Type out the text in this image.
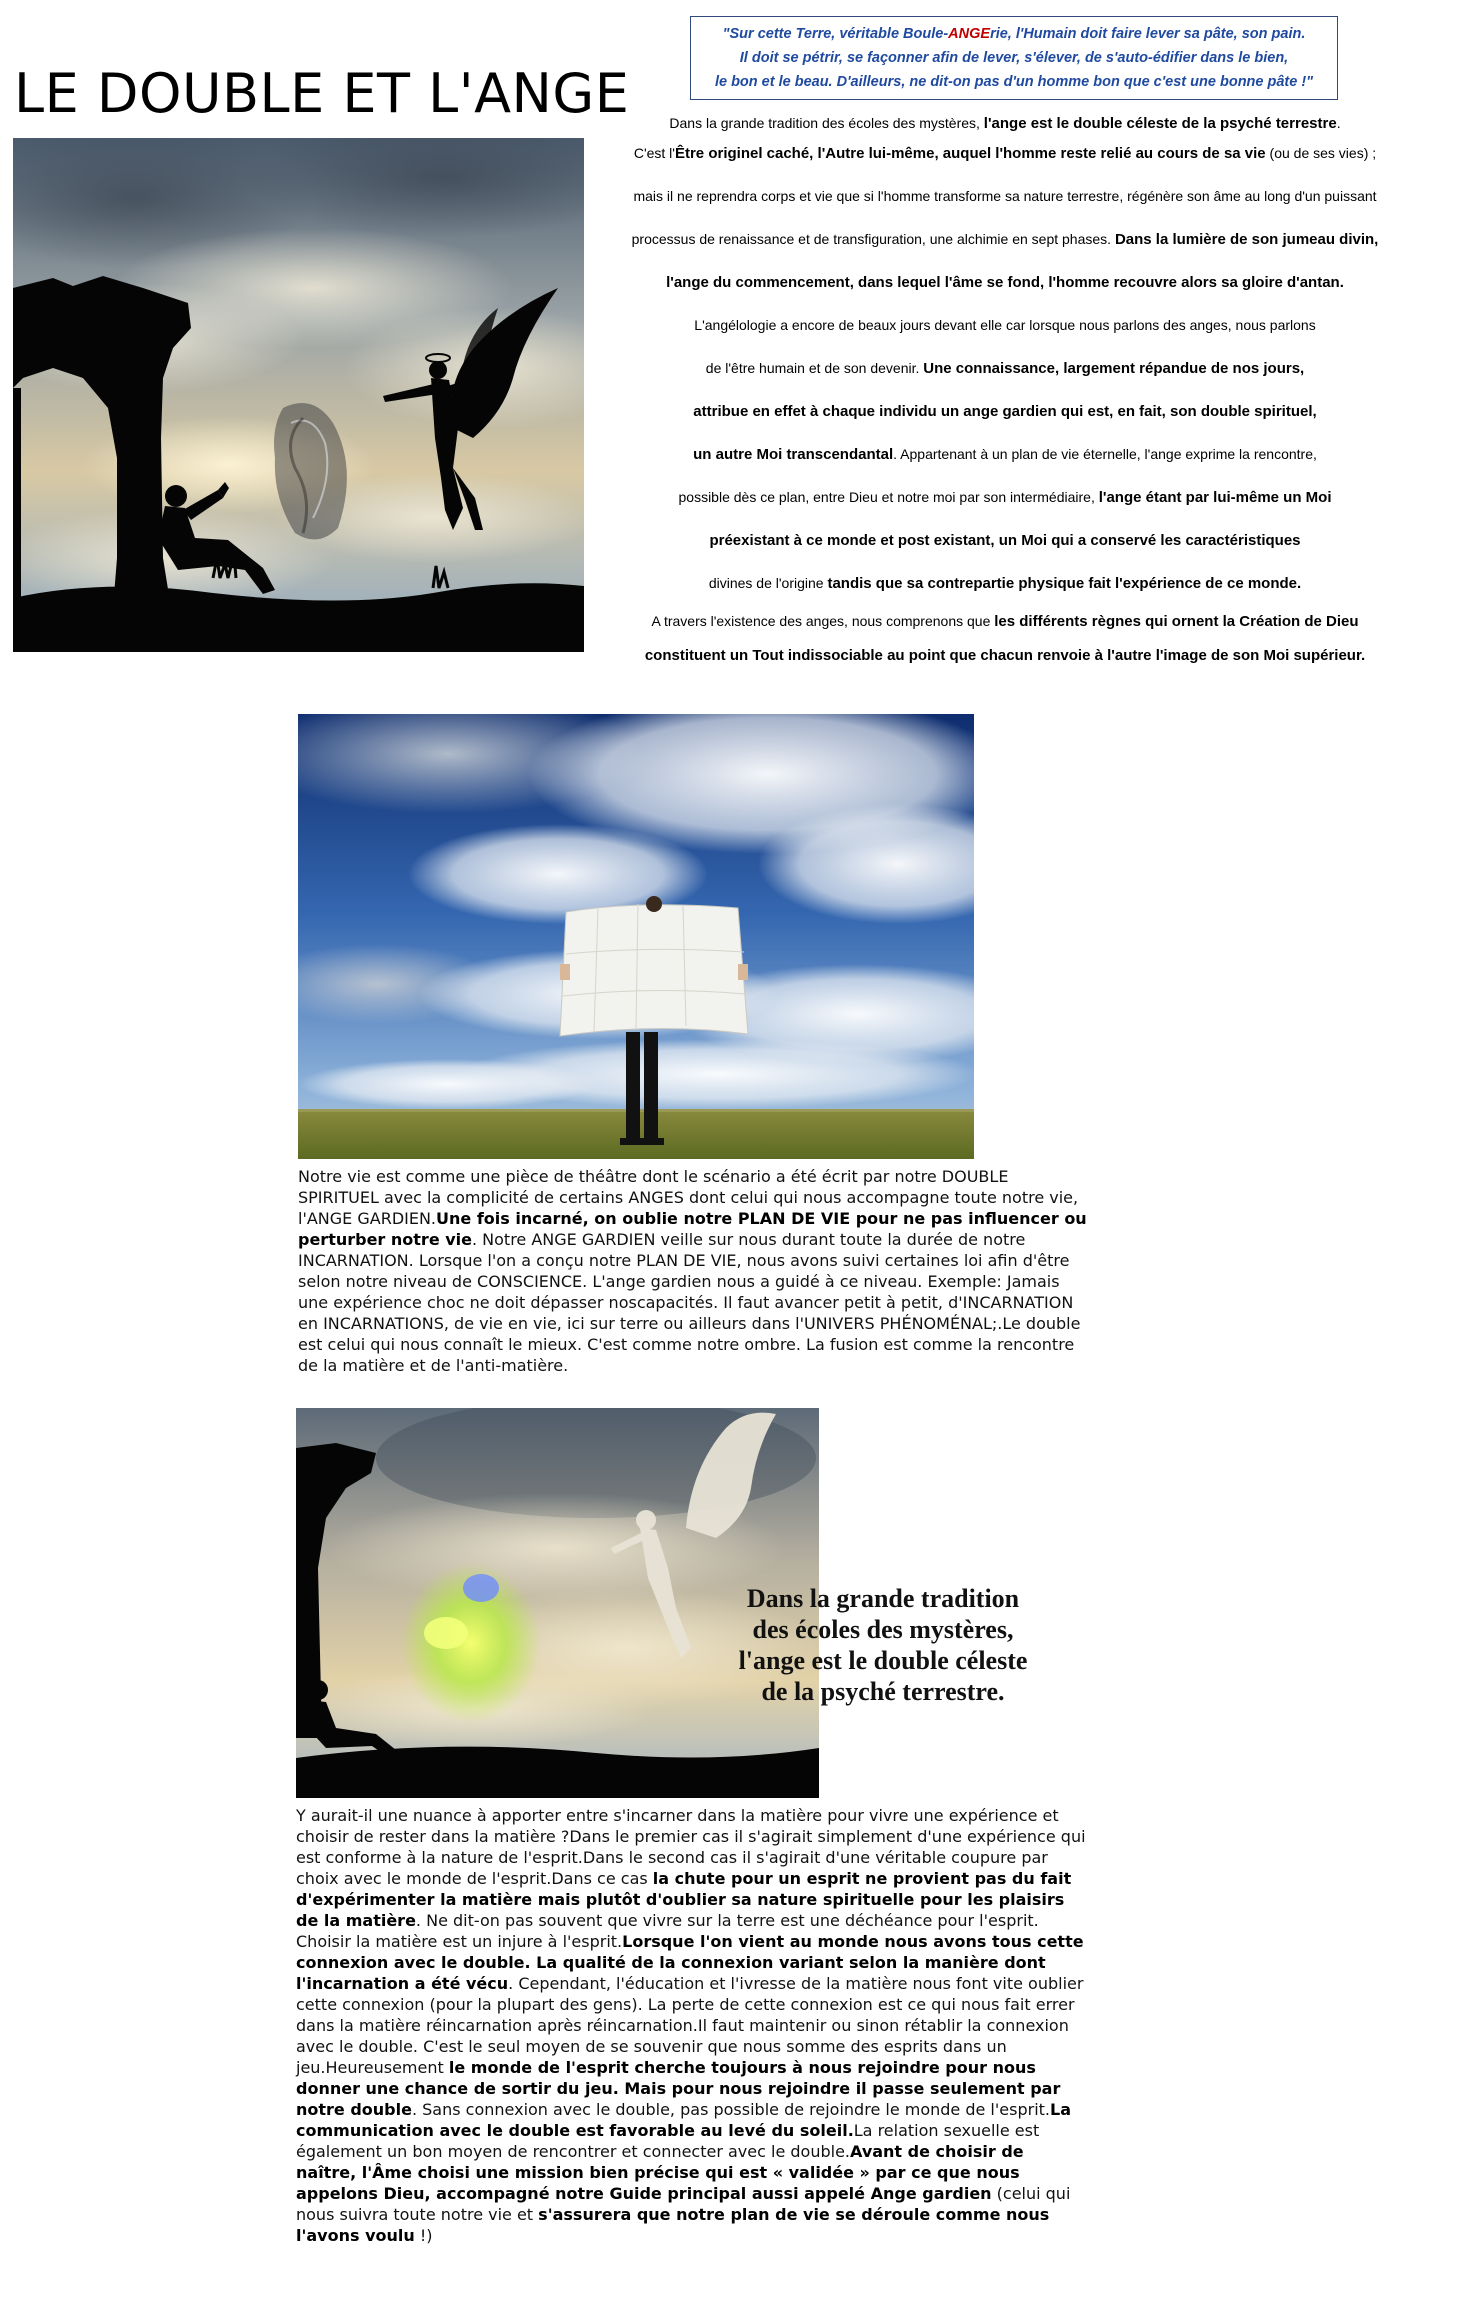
LE DOUBLE ET L'ANGE
"Sur cette Terre, véritable Boule-ANGErie, l'Humain doit faire lever sa pâte, son pain.
Il doit se pétrir, se façonner afin de lever, s'élever, de s'auto-édifier dans le bien,
le bon et le beau. D'ailleurs, ne dit-on pas d'un homme bon que c'est une bonne pâte !"

Dans la grande tradition des écoles des mystères, l'ange est le double céleste de la psyché terrestre.

C'est l'Être originel caché, l'Autre lui-même, auquel l'homme reste relié au cours de sa vie (ou de ses vies) ;

mais il ne reprendra corps et vie que si l'homme transforme sa nature terrestre, régénère son âme au long d'un puissant

processus de renaissance et de transfiguration, une alchimie en sept phases. Dans la lumière de son jumeau divin,

l'ange du commencement, dans lequel l'âme se fond, l'homme recouvre alors sa gloire d'antan.

L'angélologie a encore de beaux jours devant elle car lorsque nous parlons des anges, nous parlons

de l'être humain et de son devenir. Une connaissance, largement répandue de nos jours,

attribue en effet à chaque individu un ange gardien qui est, en fait, son double spirituel,

un autre Moi transcendantal. Appartenant à un plan de vie éternelle, l'ange exprime la rencontre,

possible dès ce plan, entre Dieu et notre moi par son intermédiaire, l'ange étant par lui-même un Moi

préexistant à ce monde et post existant, un Moi qui a conservé les caractéristiques

divines de l'origine tandis que sa contrepartie physique fait l'expérience de ce monde.

A travers l'existence des anges, nous comprenons que les différents règnes qui ornent la Création de Dieu

constituent un Tout indissociable au point que chacun renvoie à l'autre l'image de son Moi supérieur.

Notre vie est comme une pièce de théâtre dont le scénario a été écrit par notre DOUBLE SPIRITUEL avec la complicité de certains ANGES dont celui qui nous accompagne toute notre vie, l'ANGE GARDIEN.Une fois incarné, on oublie notre PLAN DE VIE pour ne pas influencer ou perturber notre vie. Notre ANGE GARDIEN veille sur nous durant toute la durée de notre INCARNATION. Lorsque l'on a conçu notre PLAN DE VIE, nous avons suivi certaines loi afin d'être selon notre niveau de CONSCIENCE. L'ange gardien nous a guidé à ce niveau. Exemple: Jamais une expérience choc ne doit dépasser noscapacités. Il faut avancer petit à petit, d'INCARNATION en INCARNATIONS, de vie en vie, ici sur terre ou ailleurs dans l'UNIVERS PHÉNOMÉNAL;.Le double est celui qui nous connaît le mieux. C'est comme notre ombre. La fusion est comme la rencontre de la matière et de l'anti-matière.
Dans la grande tradition
des écoles des mystères,
l'ange est le double céleste
de la psyché terrestre.
Y aurait-il une nuance à apporter entre s'incarner dans la matière pour vivre une expérience et choisir de rester dans la matière ?Dans le premier cas il s'agirait simplement d'une expérience qui est conforme à la nature de l'esprit.Dans le second cas il s'agirait d'une véritable coupure par choix avec le monde de l'esprit.Dans ce cas la chute pour un esprit ne provient pas du fait d'expérimenter la matière mais plutôt d'oublier sa nature spirituelle pour les plaisirs de la matière. Ne dit-on pas souvent que vivre sur la terre est une déchéance pour l'esprit. Choisir la matière est un injure à l'esprit.Lorsque l'on vient au monde nous avons tous cette connexion avec le double. La qualité de la connexion variant selon la manière dont l'incarnation a été vécu. Cependant, l'éducation et l'ivresse de la matière nous font vite oublier cette connexion (pour la plupart des gens). La perte de cette connexion est ce qui nous fait errer dans la matière réincarnation après réincarnation.Il faut maintenir ou sinon rétablir la connexion avec le double. C'est le seul moyen de se souvenir que nous somme des esprits dans un jeu.Heureusement le monde de l'esprit cherche toujours à nous rejoindre pour nous donner une chance de sortir du jeu. Mais pour nous rejoindre il passe seulement par notre double. Sans connexion avec le double, pas possible de rejoindre le monde de l'esprit.La communication avec le double est favorable au levé du soleil.La relation sexuelle est également un bon moyen de rencontrer et connecter avec le double.Avant de choisir de naître, l'Âme choisi une mission bien précise qui est « validée » par ce que nous appelons Dieu, accompagné notre Guide principal aussi appelé Ange gardien (celui qui nous suivra toute notre vie et s'assurera que notre plan de vie se déroule comme nous l'avons voulu !)
